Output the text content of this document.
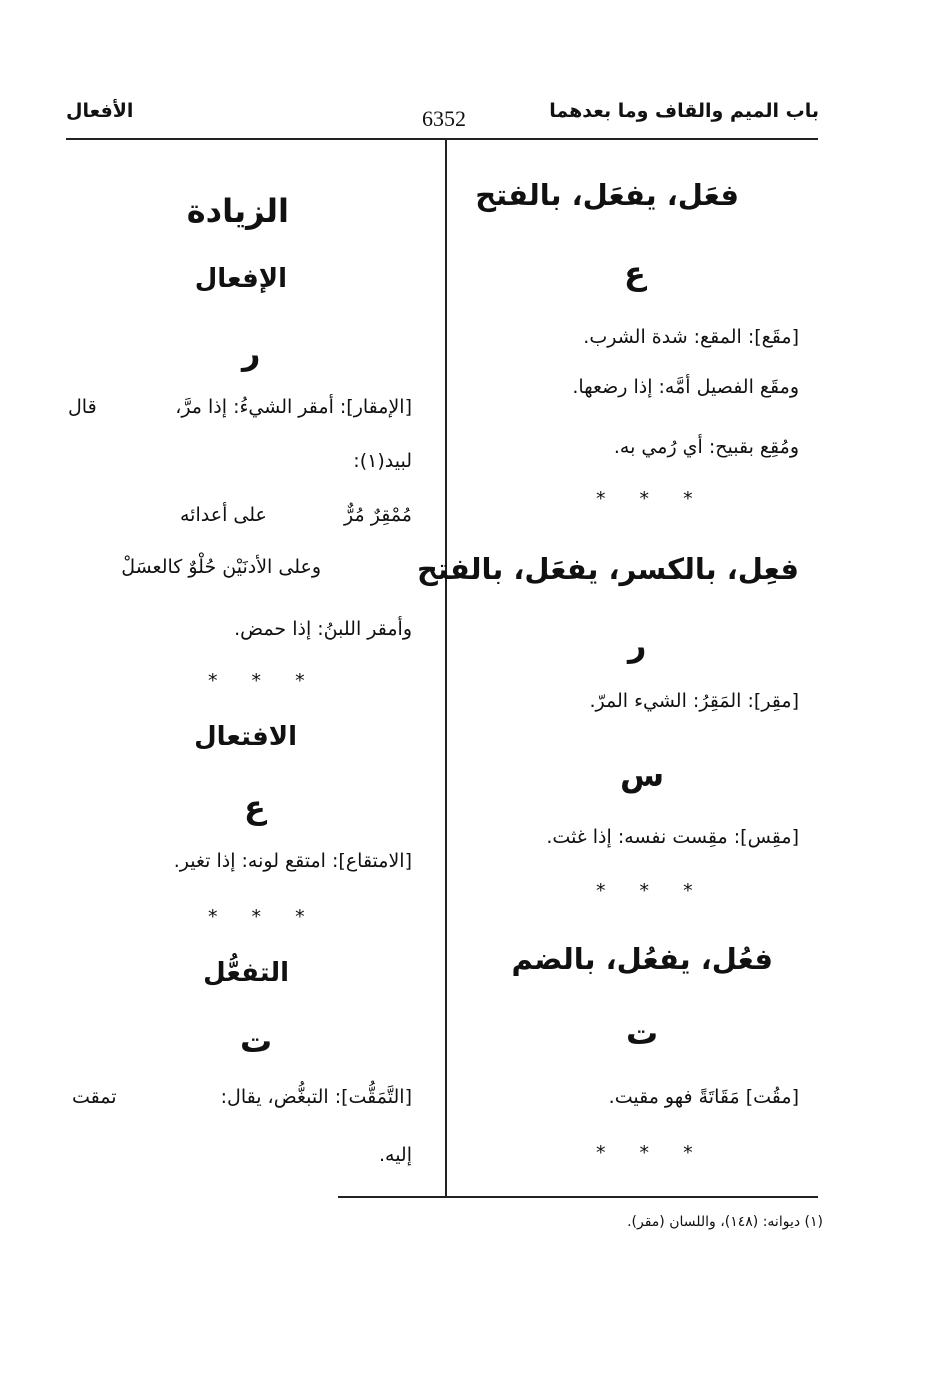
باب الميم والقاف وما بعدهما
6352
الأفعال
فعَل، يفعَل، بالفتح
ع
[مقَع]: المقع: شدة الشرب.
ومقَع الفصيل أمَّه: إذا رضعها.
ومُقِع بقبيح: أي رُمي به.
* * *
فعِل، بالكسر، يفعَل، بالفتح
ر
[مقِر]: المَقِرُ: الشيء المرّ.
س
[مقِس]: مقِست نفسه: إذا غثت.
* * *
فعُل، يفعُل، بالضم
ت
[مقُت] مَقَاتَةً فهو مقيت.
* * *
الزيادة
الإفعال
ر
[الإمقار]: أمقر الشيءُ: إذا مرَّ،
قال
لبيد(١):
مُمْقِرٌ مُرٌّ
على أعدائه
وعلى الأدنَيْن حُلْوٌ كالعسَلْ
وأمقر اللبنُ: إذا حمض.
* * *
الافتعال
ع
[الامتقاع]: امتقع لونه: إذا تغير.
* * *
التفعُّل
ت
[التَّمَقُّت]: التبغُّض، يقال:
تمقت
إليه.
(١) ديوانه: (١٤٨)، واللسان (مقر).
